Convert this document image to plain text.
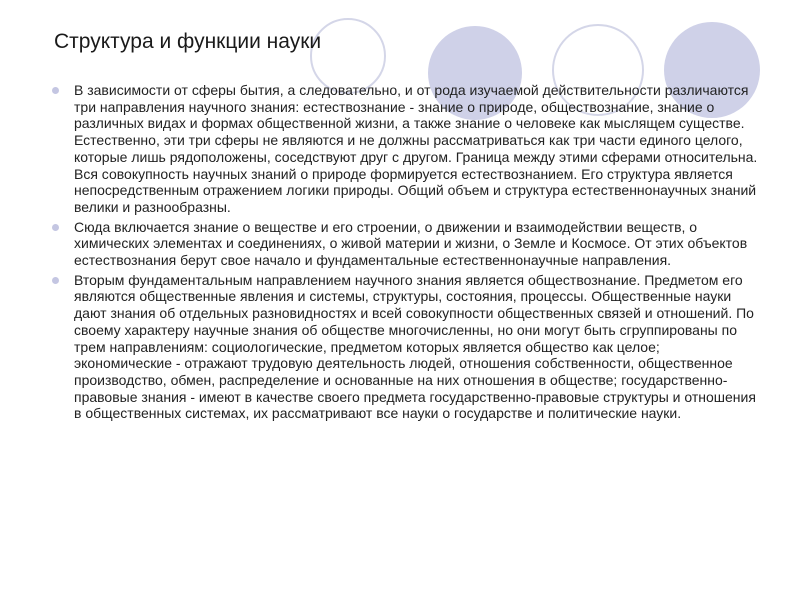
Структура и функции науки
В зависимости от сферы бытия, а следовательно, и от рода изучаемой действительности различаются три направления научного знания: естествознание - знание о природе, обществознание, знание о различных видах и формах общественной жизни, а также знание о человеке как мыслящем существе. Естественно, эти три сферы не являются и не должны рассматриваться как три части единого целого, которые лишь рядоположены, соседствуют друг с другом. Граница между этими сферами относительна. Вся совокупность научных знаний о природе формируется естествознанием. Его структура является непосредственным отражением логики природы. Общий объем и структура естественнонаучных знаний велики и разнообразны.
Сюда включается знание о веществе и его строении, о движении и взаимодействии веществ, о химических элементах и соединениях, о живой материи и жизни, о Земле и Космосе. От этих объектов естествознания берут свое начало и фундаментальные естественнонаучные направления.
Вторым фундаментальным направлением научного знания является обществознание. Предметом его являются общественные явления и системы, структуры, состояния, процессы. Общественные науки дают знания об отдельных разновидностях и всей совокупности общественных связей и отношений. По своему характеру научные знания об обществе многочисленны, но они могут быть сгруппированы по трем направлениям: социологические, предметом которых является общество как целое; экономические - отражают трудовую деятельность людей, отношения собственности, общественное производство, обмен, распределение и основанные на них отношения в обществе; государственно-правовые знания - имеют в качестве своего предмета государственно-правовые структуры и отношения в общественных системах, их рассматривают все науки о государстве и политические науки.
